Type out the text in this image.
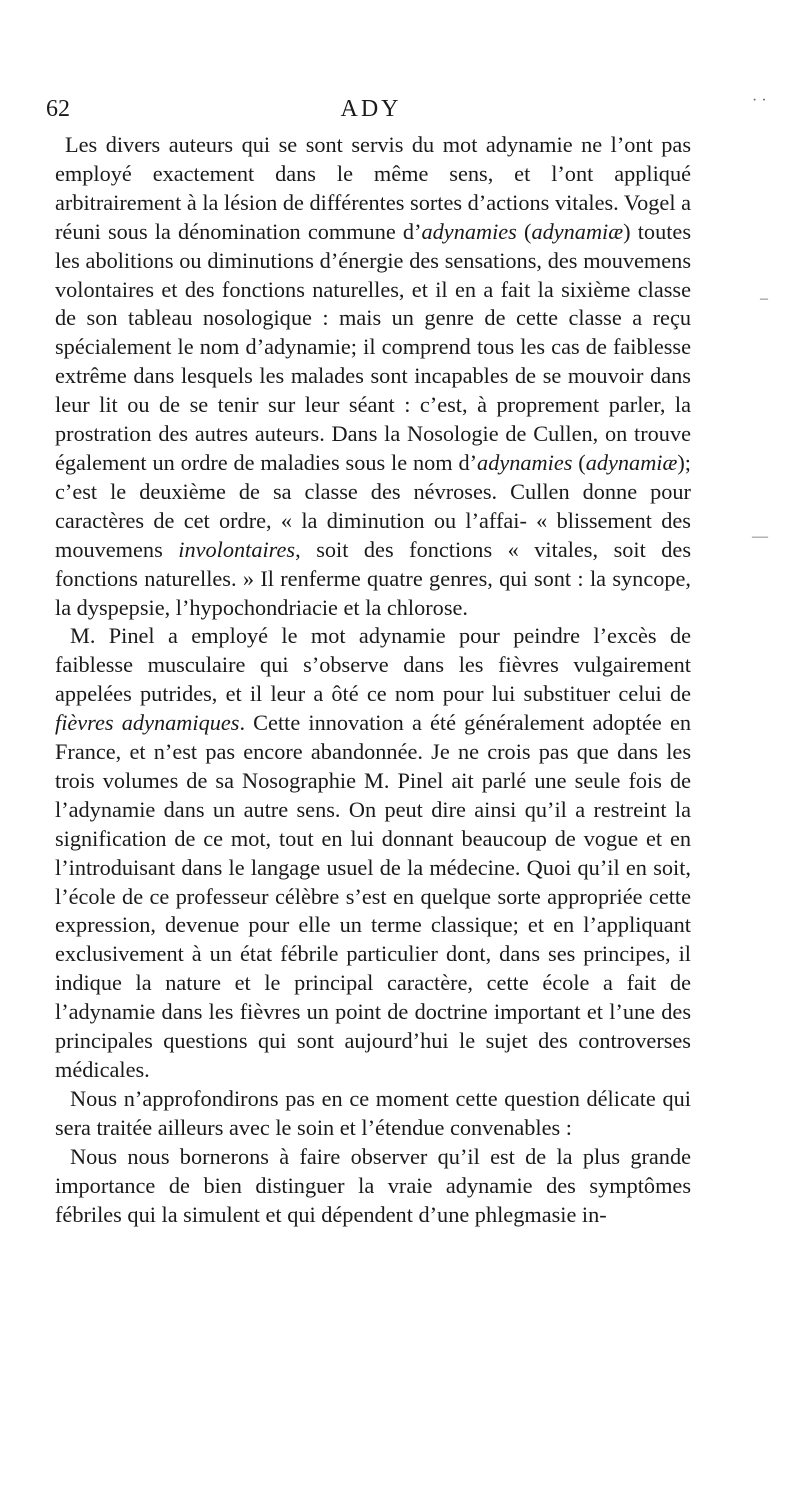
62	ADY

Les divers auteurs qui se sont servis du mot adynamie ne l’ont pas employé exactement dans le même sens, et l’ont appliqué arbitrairement à la lésion de différentes sortes d’actions vitales. Vogel a réuni sous la dénomination commune d’adynamies (adynamiæ) toutes les abolitions ou diminutions d’énergie des sensations, des mouvemens volontaires et des fonctions naturelles, et il en a fait la sixième classe de son tableau nosologique : mais un genre de cette classe a reçu spécialement le nom d’adynamie; il comprend tous les cas de faiblesse extrême dans lesquels les malades sont incapables de se mouvoir dans leur lit ou de se tenir sur leur séant : c’est, à proprement parler, la prostration des autres auteurs. Dans la Nosologie de Cullen, on trouve également un ordre de maladies sous le nom d’adynamies (adynamiæ); c’est le deuxième de sa classe des névroses. Cullen donne pour caractères de cet ordre, « la diminution ou l’affai- « blissement des mouvemens involontaires, soit des fonctions « vitales, soit des fonctions naturelles. » Il renferme quatre genres, qui sont : la syncope, la dyspepsie, l’hypochondriacie et la chlorose.

M. Pinel a employé le mot adynamie pour peindre l’excès de faiblesse musculaire qui s’observe dans les fièvres vulgairement appelées putrides, et il leur a ôté ce nom pour lui substituer celui de fièvres adynamiques. Cette innovation a été généralement adoptée en France, et n’est pas encore abandonnée. Je ne crois pas que dans les trois volumes de sa Nosographie M. Pinel ait parlé une seule fois de l’adynamie dans un autre sens. On peut dire ainsi qu’il a restreint la signification de ce mot, tout en lui donnant beaucoup de vogue et en l’introduisant dans le langage usuel de la médecine. Quoi qu’il en soit, l’école de ce professeur célèbre s’est en quelque sorte appropriée cette expression, devenue pour elle un terme classique; et en l’appliquant exclusivement à un état fébrile particulier dont, dans ses principes, il indique la nature et le principal caractère, cette école a fait de l’adynamie dans les fièvres un point de doctrine important et l’une des principales questions qui sont aujourd’hui le sujet des controverses médicales.

Nous n’approfondirons pas en ce moment cette question délicate qui sera traitée ailleurs avec le soin et l’étendue convenables :

Nous nous bornerons à faire observer qu’il est de la plus grande importance de bien distinguer la vraie adynamie des symptômes fébriles qui la simulent et qui dépendent d’une phlegmasie in-

· ·
–
—
